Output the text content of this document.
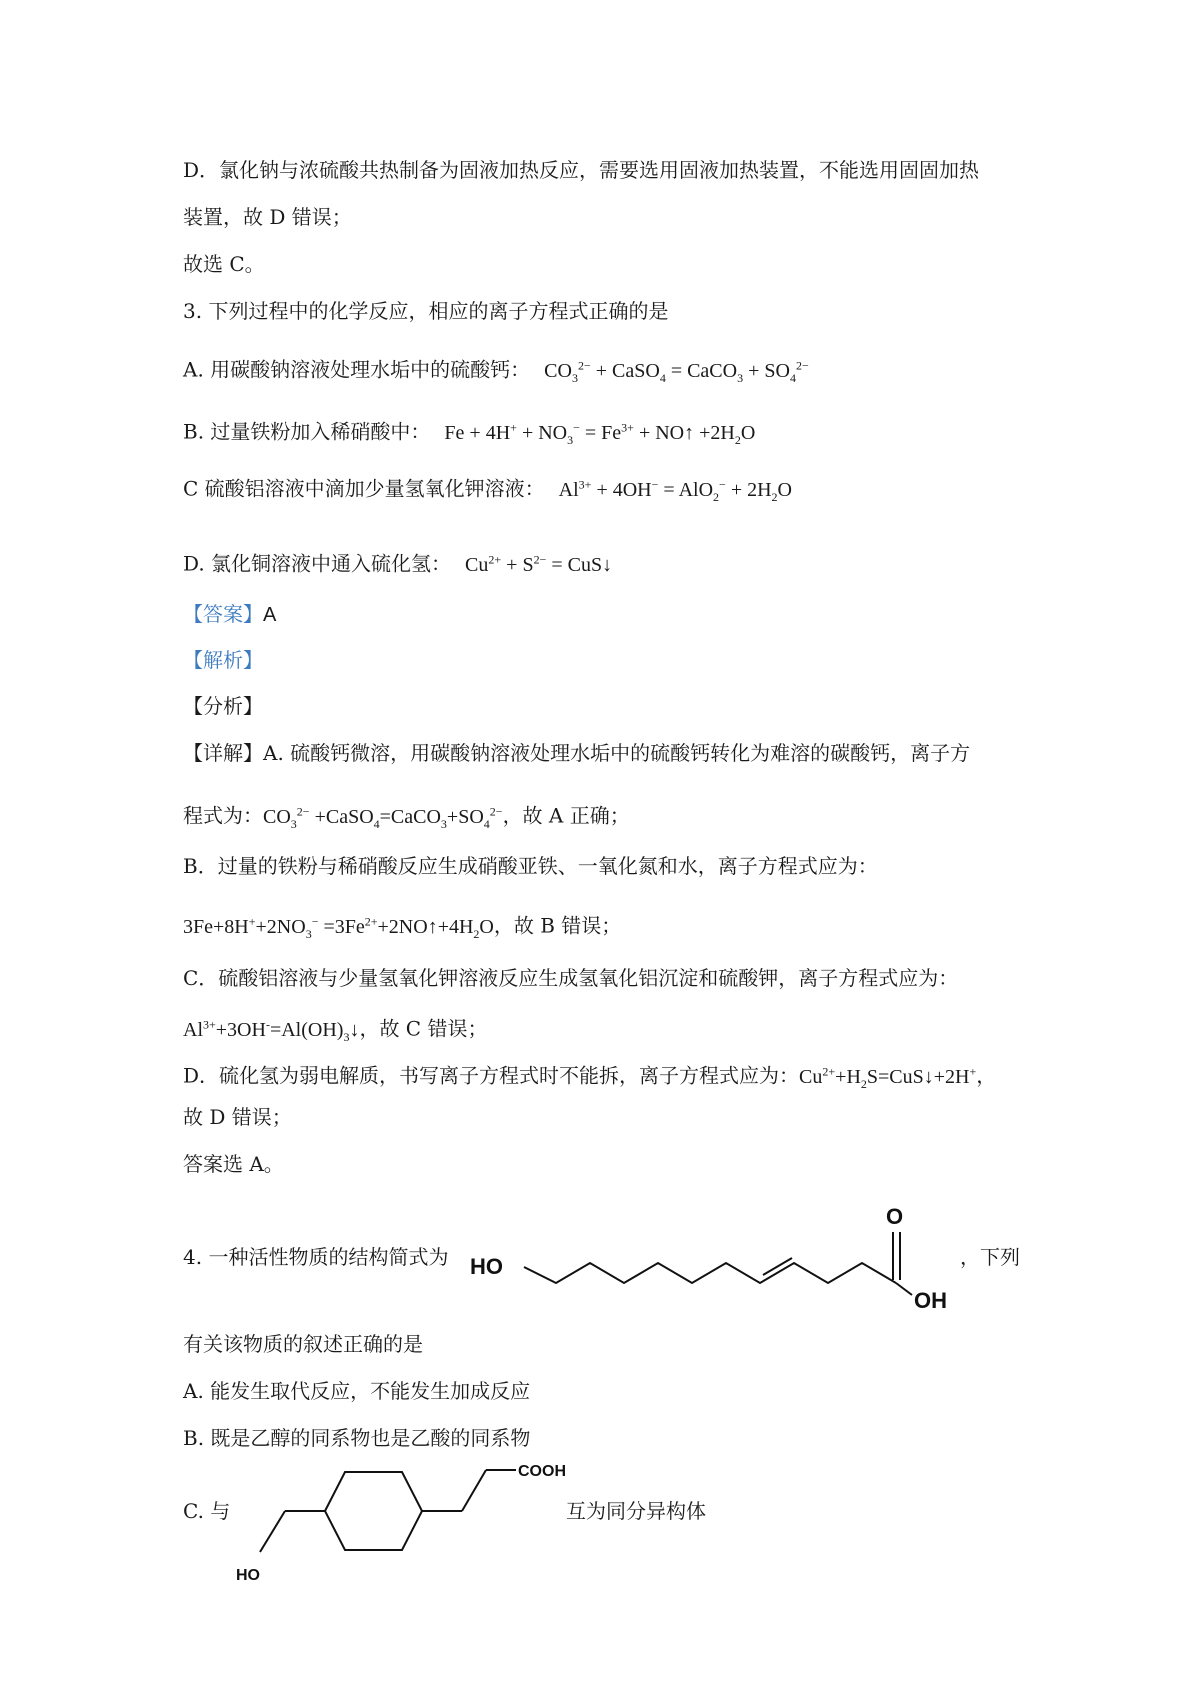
D．氯化钠与浓硫酸共热制备为固液加热反应，需要选用固液加热装置，不能选用固固加热
装置，故 D 错误；
故选 C。
3. 下列过程中的化学反应，相应的离子方程式正确的是
A. 用碳酸钠溶液处理水垢中的硫酸钙： $CO_3^{2-}$ + CaSO$_4$ = CaCO$_3$ + $SO_4^{2-}$
B. 过量铁粉加入稀硝酸中： $Fe + 4H^+ + NO_3^- = Fe^{3+}$ + NO↑ $+2H_2O$
C 硫酸铝溶液中滴加少量氢氧化钾溶液： $Al^{3+} + 4OH^- = AlO_2^- + 2H_2O$
D. 氯化铜溶液中通入硫化氢： $Cu^{2+} + S^{2-}$ = CuS↓
【答案】A
【解析】
【分析】
【详解】A. 硫酸钙微溶，用碳酸钠溶液处理水垢中的硫酸钙转化为难溶的碳酸钙，离子方
程式为：$CO_3^{2-}$ $+CaSO_4=CaCO_3+SO_4^{2-}$，故 A 正确；
B．过量的铁粉与稀硝酸反应生成硝酸亚铁、一氧化氮和水，离子方程式应为：
$3Fe+8H^++2NO_3^-$ $=3Fe^{2+}+2NO↑+4H_2O$，故 B 错误；
C．硫酸铝溶液与少量氢氧化钾溶液反应生成氢氧化铝沉淀和硫酸钾，离子方程式应为：
$Al^{3+}+3OH^-=Al(OH)_3↓$，故 C 错误；
D．硫化氢为弱电解质，书写离子方程式时不能拆，离子方程式应为：$Cu^{2+}+H_2S=CuS↓+2H^+$，
故 D 错误；
答案选 A。
4. 一种活性物质的结构简式为 HO
O
OH
，下列
有关该物质的叙述正确的是
A. 能发生取代反应，不能发生加成反应
B. 既是乙醇的同系物也是乙酸的同系物
C. 与
HO
COOH
互为同分异构体
